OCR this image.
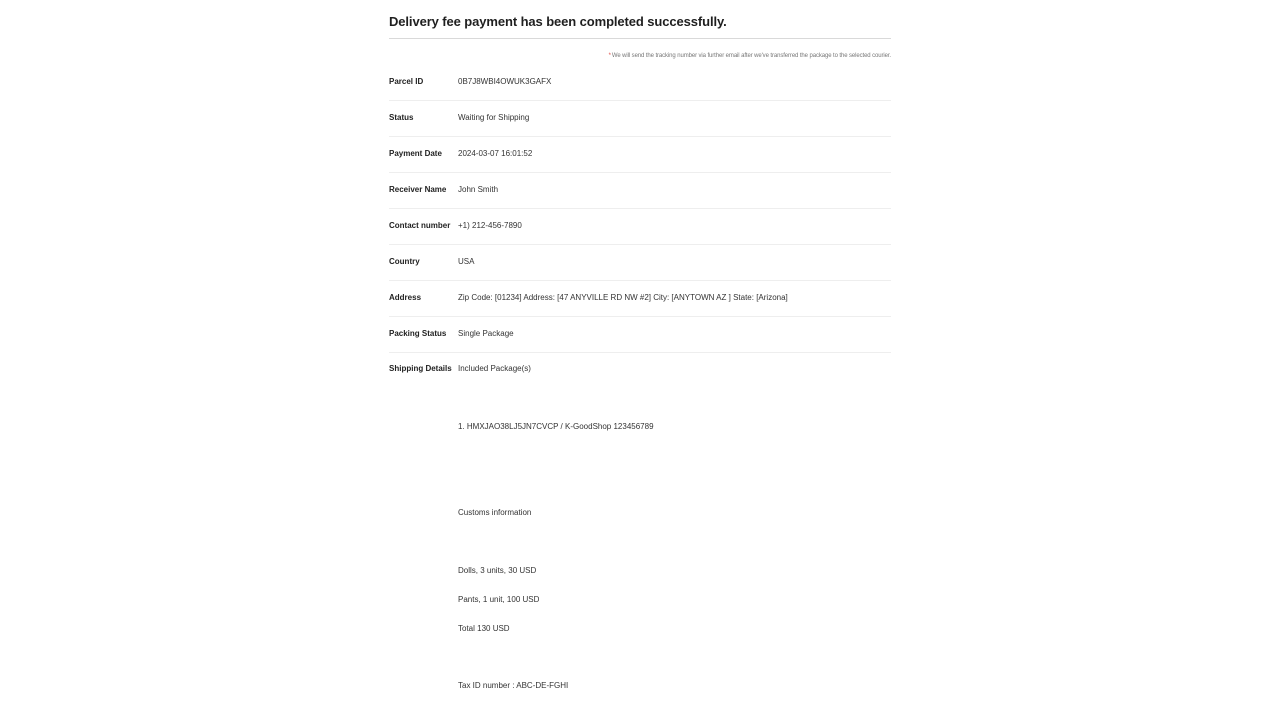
Delivery fee payment has been completed successfully.
*We will send the tracking number via further email after we've transferred the package to the selected courier.
Parcel ID	0B7J8WBI4OWUK3GAFX
Status	Waiting for Shipping
Payment Date 2024-03-07 16:01:52
Receiver Name John Smith
Contact number +1) 212-456-7890
Country	USA
Address	Zip Code: [01234] Address: [47 ANYVILLE RD NW #2] City: [ANYTOWN AZ ] State: [Arizona]
Packing Status Single Package
Shipping Details Included Package(s)
1. HMXJAO38LJ5JN7CVCP / K-GoodShop 123456789
Customs information
Dolls, 3 units, 30 USD
Pants, 1 unit, 100 USD
Total 130 USD
Tax ID number : ABC-DE-FGHI
